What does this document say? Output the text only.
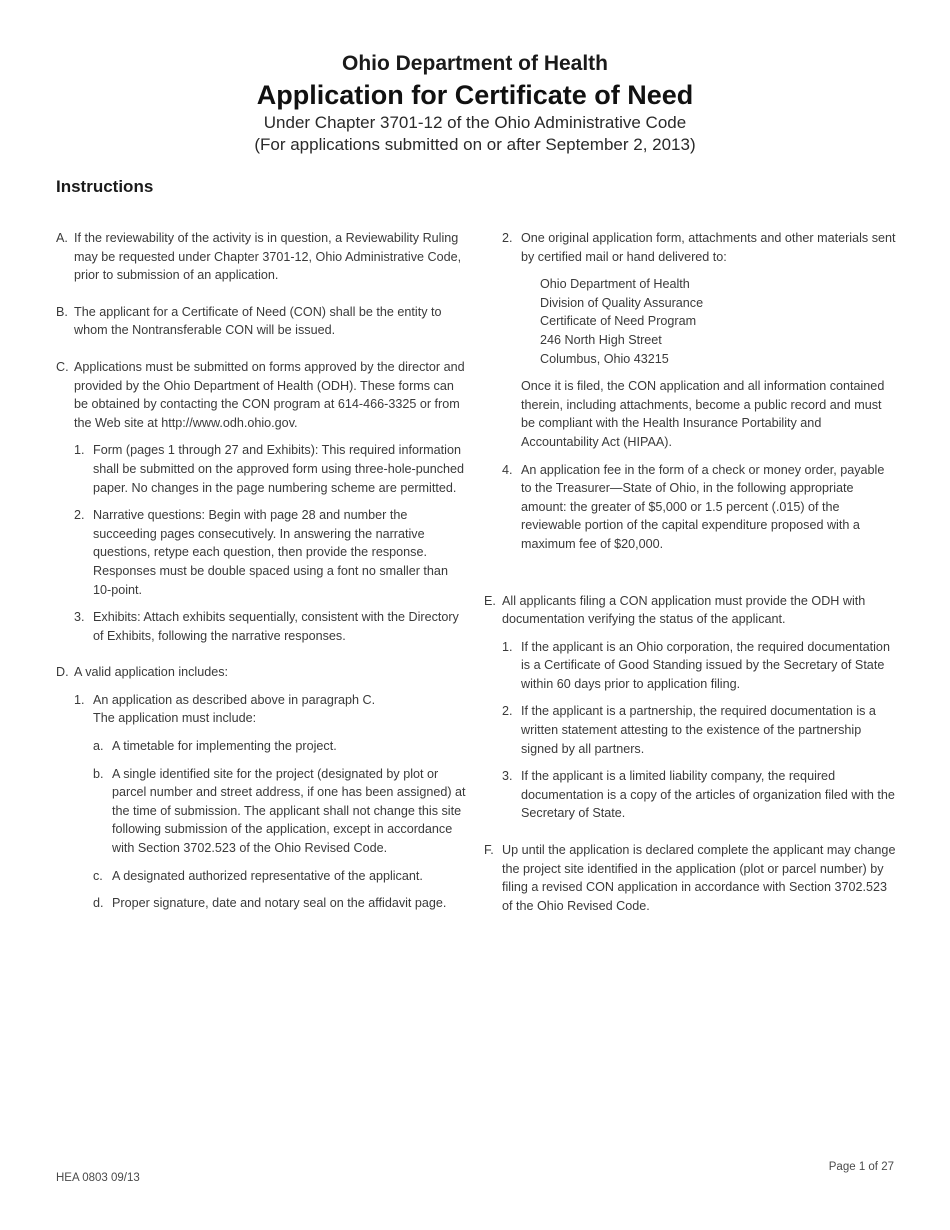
Ohio Department of Health
Application for Certificate of Need
Under Chapter 3701-12 of the Ohio Administrative Code
(For applications submitted on or after September 2, 2013)
Instructions
A. If the reviewability of the activity is in question, a Reviewability Ruling may be requested under Chapter 3701-12, Ohio Administrative Code, prior to submission of an application.
B. The applicant for a Certificate of Need (CON) shall be the entity to whom the Nontransferable CON will be issued.
C. Applications must be submitted on forms approved by the director and provided by the Ohio Department of Health (ODH). These forms can be obtained by contacting the CON program at 614-466-3325 or from the Web site at http://www.odh.ohio.gov.
1. Form (pages 1 through 27 and Exhibits): This required information shall be submitted on the approved form using three-hole-punched paper. No changes in the page numbering scheme are permitted.
2. Narrative questions: Begin with page 28 and number the succeeding pages consecutively. In answering the narrative questions, retype each question, then provide the response. Responses must be double spaced using a font no smaller than 10-point.
3. Exhibits: Attach exhibits sequentially, consistent with the Directory of Exhibits, following the narrative responses.
D. A valid application includes:
1. An application as described above in paragraph C.
The application must include:
a. A timetable for implementing the project.
b. A single identified site for the project (designated by plot or parcel number and street address, if one has been assigned) at the time of submission. The applicant shall not change this site following submission of the application, except in accordance with Section 3702.523 of the Ohio Revised Code.
c. A designated authorized representative of the applicant.
d. Proper signature, date and notary seal on the affidavit page.
2. One original application form, attachments and other materials sent by certified mail or hand delivered to:
Ohio Department of Health
Division of Quality Assurance
Certificate of Need Program
246 North High Street
Columbus, Ohio 43215
Once it is filed, the CON application and all information contained therein, including attachments, become a public record and must be compliant with the Health Insurance Portability and Accountability Act (HIPAA).
4. An application fee in the form of a check or money order, payable to the Treasurer—State of Ohio, in the following appropriate amount: the greater of $5,000 or 1.5 percent (.015) of the reviewable portion of the capital expenditure proposed with a maximum fee of $20,000.
E. All applicants filing a CON application must provide the ODH with documentation verifying the status of the applicant.
1. If the applicant is an Ohio corporation, the required documentation is a Certificate of Good Standing issued by the Secretary of State within 60 days prior to application filing.
2. If the applicant is a partnership, the required documentation is a written statement attesting to the existence of the partnership signed by all partners.
3. If the applicant is a limited liability company, the required documentation is a copy of the articles of organization filed with the Secretary of State.
F. Up until the application is declared complete the applicant may change the project site identified in the application (plot or parcel number) by filing a revised CON application in accordance with Section 3702.523 of the Ohio Revised Code.
HEA 0803 09/13
Page 1 of 27
